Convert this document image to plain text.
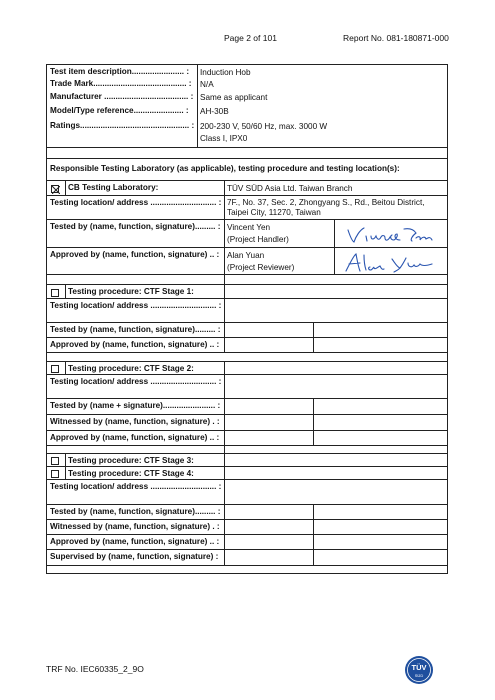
Page 2 of 101	Report No. 081-180871-000
Test item description....................... :	Induction Hob
Trade Mark......................................... :	N/A
Manufacturer ..................................... : Same as applicant
Model/Type reference...................... :	AH-30B
Ratings................................................ : 200-230 V, 50/60 Hz, max. 3000 W
Class I, IPX0
Responsible Testing Laboratory (as applicable), testing procedure and testing location(s):
CB Testing Laboratory:	TÜV SÜD Asia Ltd. Taiwan Branch
Testing location/ address ............................. : 7F., No. 37, Sec. 2, Zhongyang S., Rd., Beitou District, Taipei City, 11270, Taiwan
Tested by (name, function, signature)......... : Vincent Yen
(Project Handler)
Approved by (name, function, signature) .. : Alan Yuan
(Project Reviewer)
Testing procedure: CTF Stage 1:
Testing location/ address ............................. :
Tested by (name, function, signature)......... :
Approved by (name, function, signature) .. :
Testing procedure: CTF Stage 2:
Testing location/ address ............................. :
Tested by (name + signature)....................... :
Witnessed by (name, function, signature) . :
Approved by (name, function, signature) .. :
Testing procedure: CTF Stage 3:
Testing procedure: CTF Stage 4:
Testing location/ address ............................. :
Tested by (name, function, signature)......... :
Witnessed by (name, function, signature) . :
Approved by (name, function, signature) .. :
Supervised by (name, function, signature) :
TRF No. IEC60335_2_9O	TÜV
SÜD
